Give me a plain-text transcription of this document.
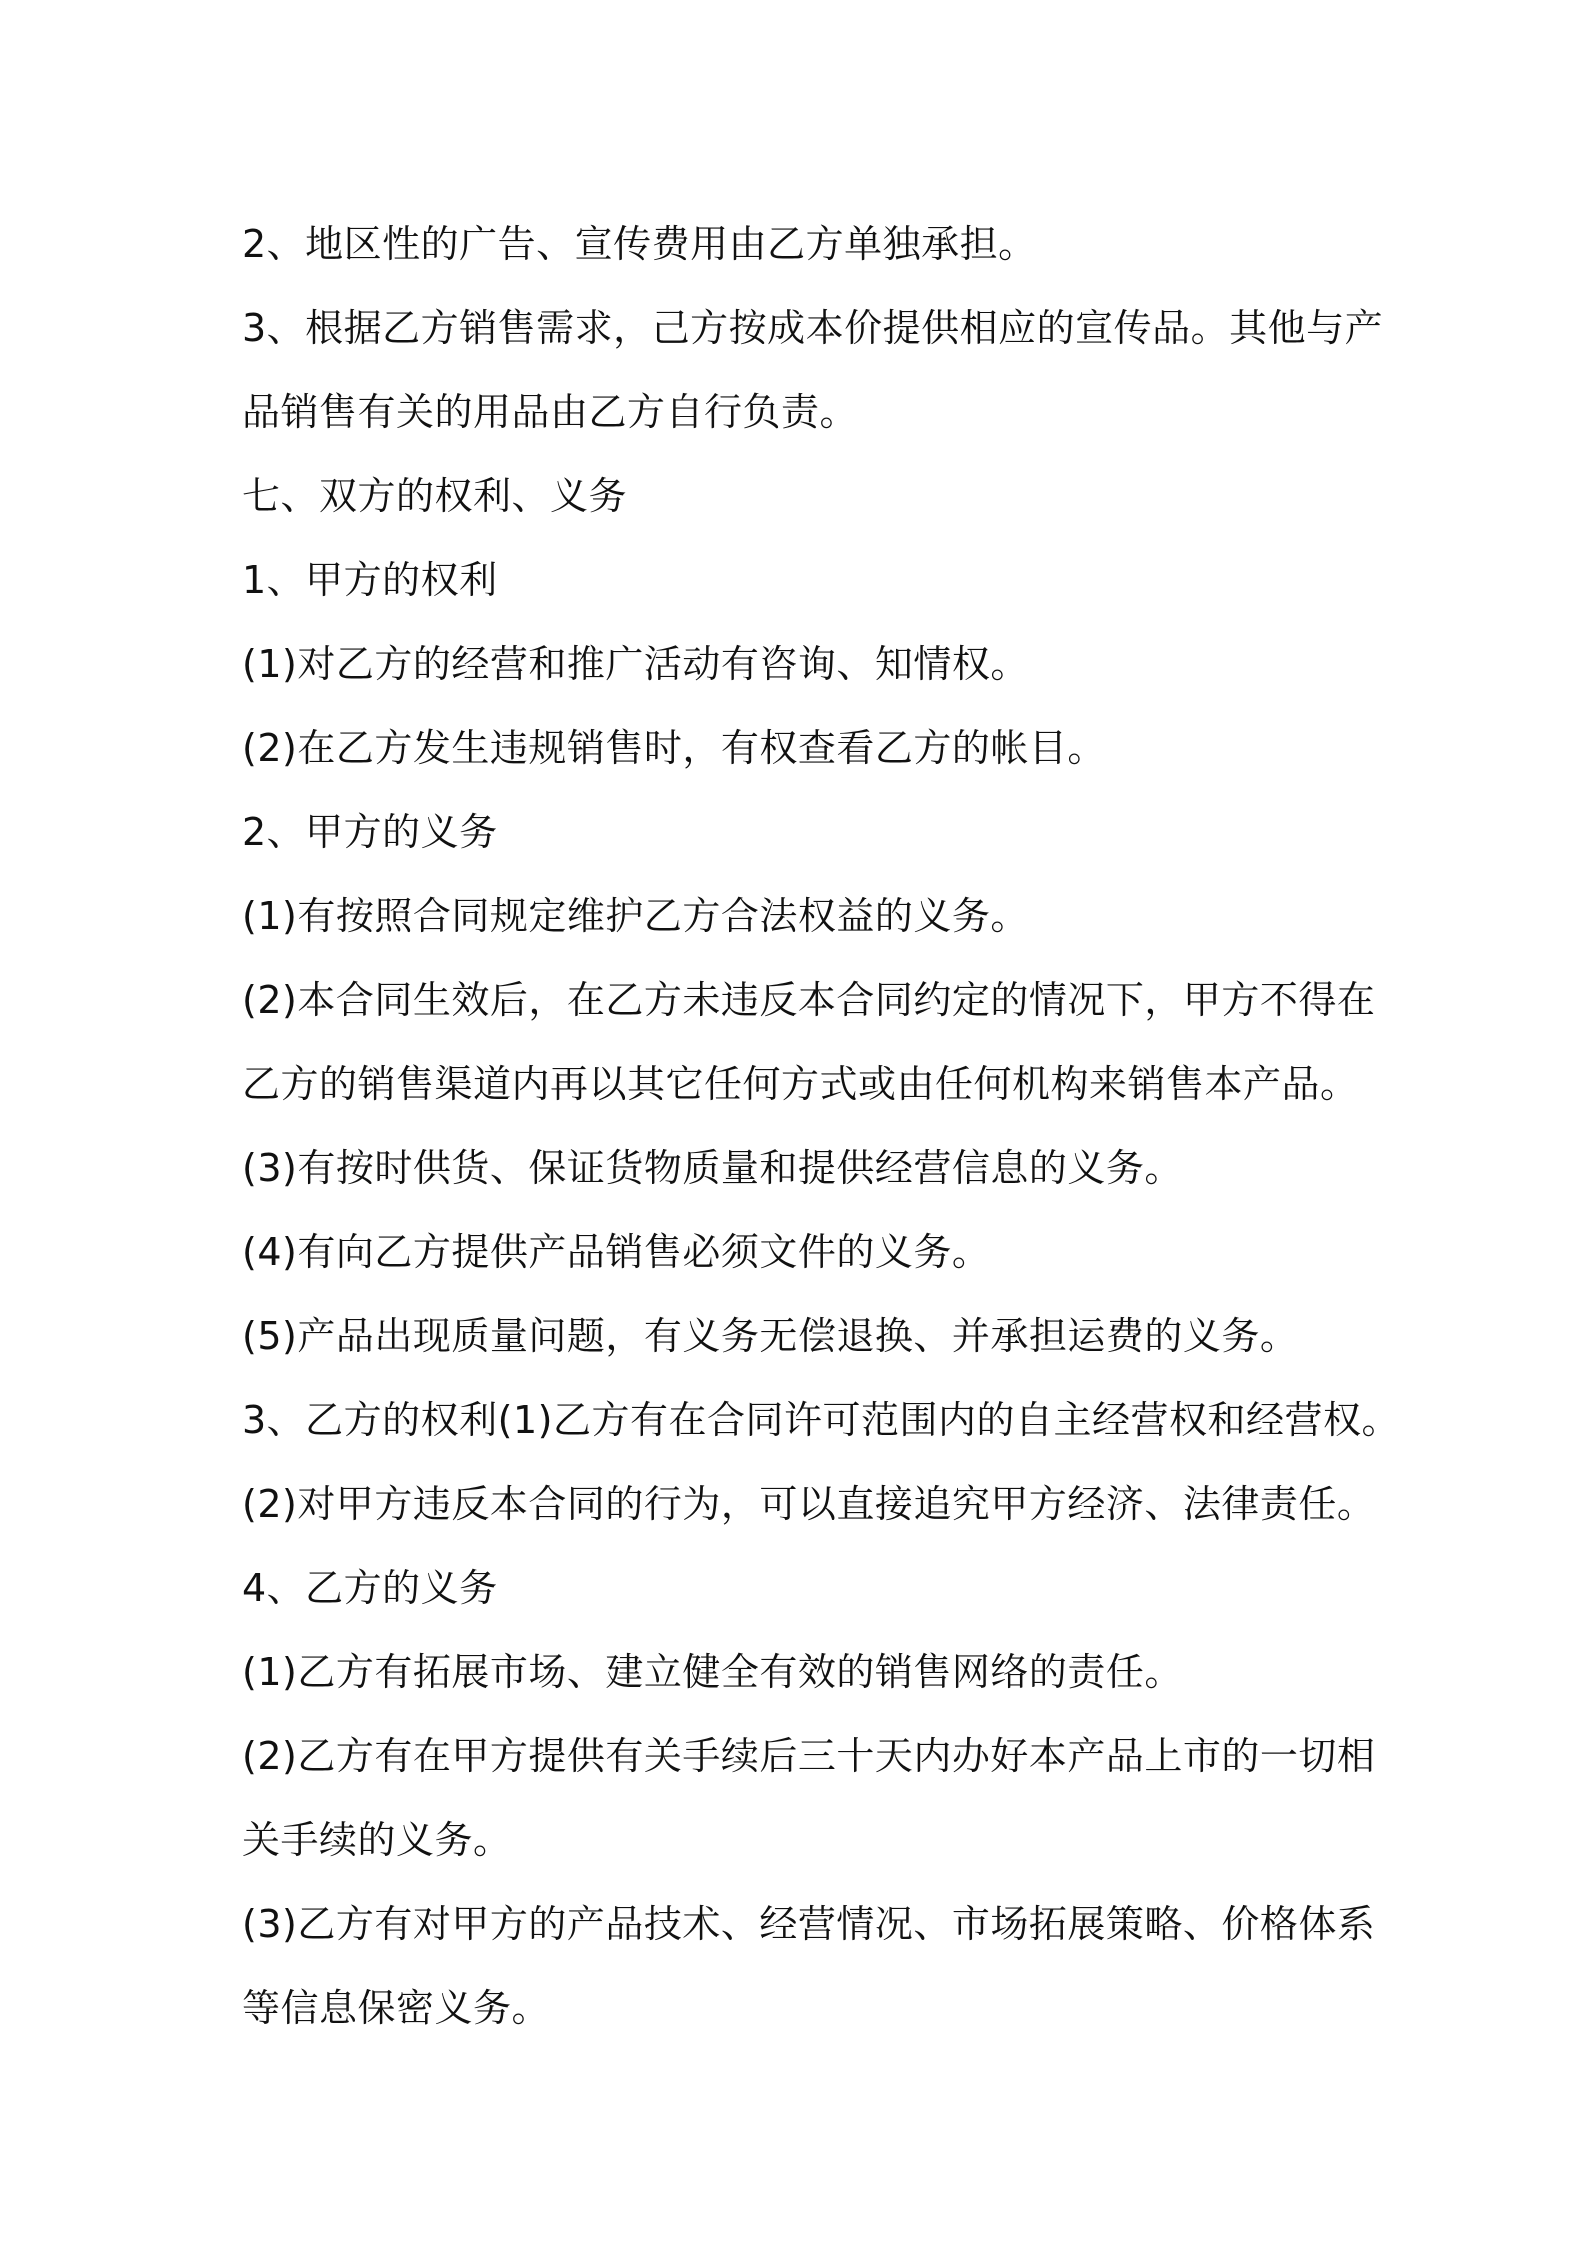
2、地区性的广告、宣传费用由乙方单独承担。

3、根据乙方销售需求，己方按成本价提供相应的宣传品。其他与产

品销售有关的用品由乙方自行负责。

七、双方的权利、义务

1、甲方的权利

(1)对乙方的经营和推广活动有咨询、知情权。

(2)在乙方发生违规销售时，有权查看乙方的帐目。

2、甲方的义务

(1)有按照合同规定维护乙方合法权益的义务。

(2)本合同生效后，在乙方未违反本合同约定的情况下，甲方不得在

乙方的销售渠道内再以其它任何方式或由任何机构来销售本产品。

(3)有按时供货、保证货物质量和提供经营信息的义务。

(4)有向乙方提供产品销售必须文件的义务。

(5)产品出现质量问题，有义务无偿退换、并承担运费的义务。

3、乙方的权利(1)乙方有在合同许可范围内的自主经营权和经营权。

(2)对甲方违反本合同的行为，可以直接追究甲方经济、法律责任。

4、乙方的义务

(1)乙方有拓展市场、建立健全有效的销售网络的责任。

(2)乙方有在甲方提供有关手续后三十天内办好本产品上市的一切相

关手续的义务。

(3)乙方有对甲方的产品技术、经营情况、市场拓展策略、价格体系

等信息保密义务。
